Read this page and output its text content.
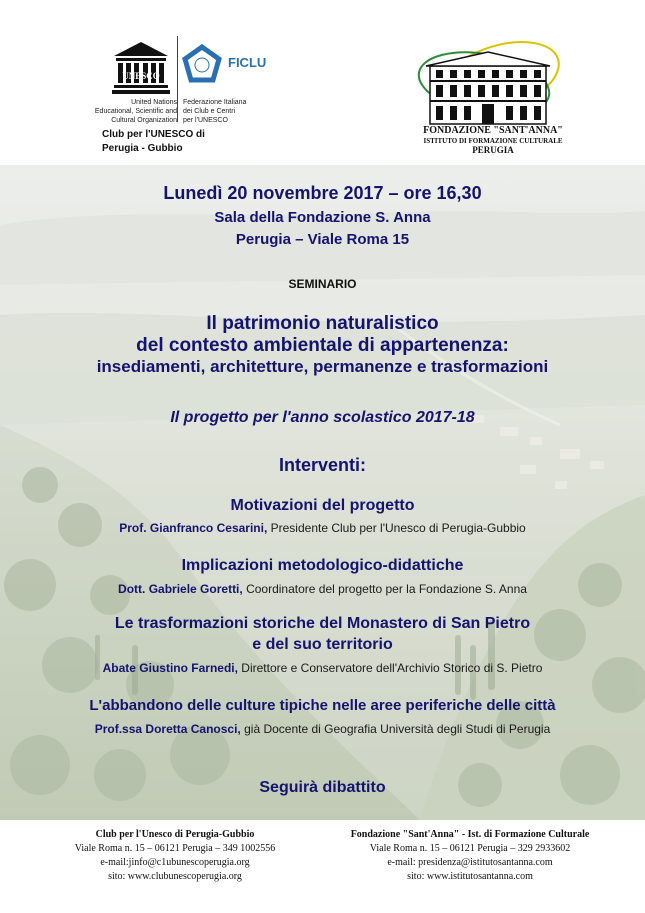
UNESCO
United Nations
Educational, Scientific and
Cultural Organization
FICLU
Federazione Italiana
dei Club e Centri
per l'UNESCO
Club per l'UNESCO di
Perugia - Gubbio
FONDAZIONE "SANT'ANNA"
ISTITUTO DI FORMAZIONE CULTURALE
PERUGIA
Lunedì 20 novembre 2017 – ore 16,30
Sala della Fondazione S. Anna
Perugia – Viale Roma 15
SEMINARIO
Il patrimonio naturalistico
del contesto ambientale di appartenenza:
insediamenti, architetture, permanenze e trasformazioni
Il progetto per l'anno scolastico 2017-18
Interventi:
Motivazioni del progetto
Prof. Gianfranco Cesarini, Presidente Club per l'Unesco di Perugia-Gubbio
Implicazioni metodologico-didattiche
Dott. Gabriele Goretti, Coordinatore del progetto per la Fondazione S. Anna
Le trasformazioni storiche del Monastero di San Pietro
e del suo territorio
Abate Giustino Farnedi, Direttore e Conservatore dell'Archivio Storico di S. Pietro
L'abbandono delle culture tipiche nelle aree periferiche delle città
Prof.ssa Doretta Canosci, già Docente di Geografia Università degli Studi di Perugia
Seguirà dibattito
Club per l'Unesco di Perugia-Gubbio
Viale Roma n. 15 – 06121 Perugia – 349 1002556
e-mail:jinfo@c1ubunescoperugia.org
sito: www.clubunescoperugia.org
Fondazione "Sant'Anna" - Ist. di Formazione Culturale
Viale Roma n. 15 – 06121 Perugia – 329 2933602
e-mail: presidenza@istitutosantanna.com
sito: www.istitutosantanna.com
